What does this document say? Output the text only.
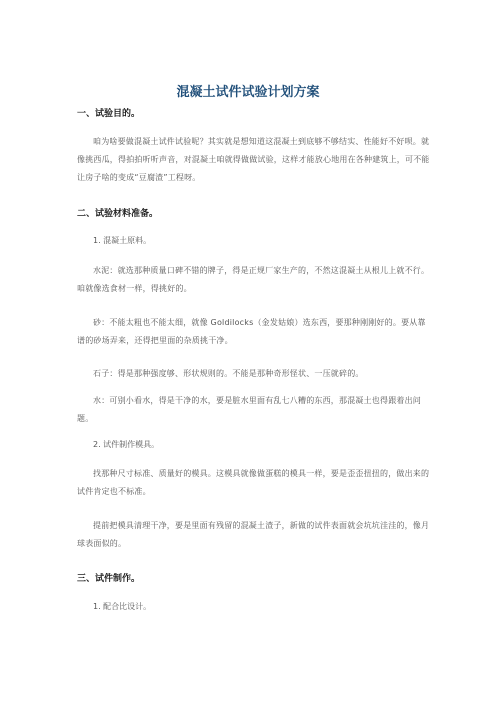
混凝土试件试验计划方案
一、试验目的。
咱为啥要做混凝土试件试验呢？其实就是想知道这混凝土到底够不够结实、性能好不好呗。就像挑西瓜，得拍拍听听声音，对混凝土咱就得做做试验，这样才能放心地用在各种建筑上，可不能让房子啥的变成“豆腐渣”工程呀。
二、试验材料准备。
1. 混凝土原料。
水泥：就选那种质量口碑不错的牌子，得是正规厂家生产的，不然这混凝土从根儿上就不行。咱就像选食材一样，得挑好的。
砂：不能太粗也不能太细，就像 Goldilocks（金发姑娘）选东西，要那种刚刚好的。要从靠谱的砂场弄来，还得把里面的杂质挑干净。
石子：得是那种强度够、形状规则的。不能是那种奇形怪状、一压就碎的。
水：可别小看水，得是干净的水，要是脏水里面有乱七八糟的东西，那混凝土也得跟着出问题。
2. 试件制作模具。
找那种尺寸标准、质量好的模具。这模具就像做蛋糕的模具一样，要是歪歪扭扭的，做出来的试件肯定也不标准。
提前把模具清理干净，要是里面有残留的混凝土渣子，新做的试件表面就会坑坑洼洼的，像月球表面似的。
三、试件制作。
1. 配合比设计。
